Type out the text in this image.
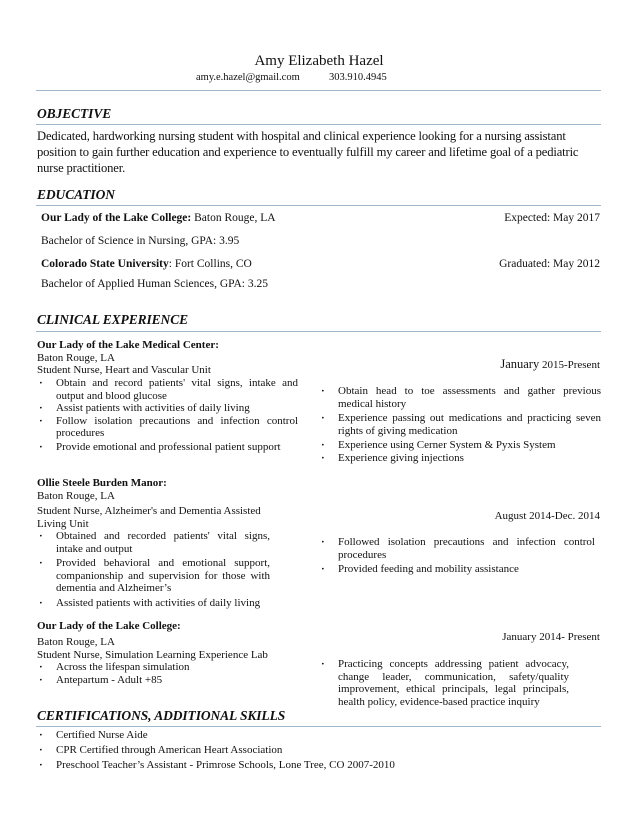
Amy Elizabeth Hazel
amy.e.hazel@gmail.com	303.910.4945
OBJECTIVE
Dedicated, hardworking nursing student with hospital and clinical experience looking for a nursing assistant position to gain further education and experience to eventually fulfill my career and lifetime goal of a pediatric nurse practitioner.
EDUCATION
Our Lady of the Lake College: Baton Rouge, LA	Expected: May 2017
Bachelor of Science in Nursing, GPA: 3.95
Colorado State University: Fort Collins, CO	Graduated: May 2012
Bachelor of Applied Human Sciences, GPA: 3.25
CLINICAL EXPERIENCE
Our Lady of the Lake Medical Center:
Baton Rouge, LA
Student Nurse, Heart and Vascular Unit	January 2015-Present
· Obtain and record patients' vital signs, intake and output and blood glucose
· Assist patients with activities of daily living
· Follow isolation precautions and infection control procedures
· Provide emotional and professional patient support
· Obtain head to toe assessments and gather previous medical history
· Experience passing out medications and practicing seven rights of giving medication
· Experience using Cerner System & Pyxis System
· Experience giving injections
Ollie Steele Burden Manor:
Baton Rouge, LA
Student Nurse, Alzheimer's and Dementia Assisted Living Unit
August 2014-Dec. 2014
· Obtained and recorded patients' vital signs, intake and output
· Provided behavioral and emotional support, companionship and supervision for those with dementia and Alzheimer’s
· Assisted patients with activities of daily living
· Followed isolation precautions and infection control procedures
· Provided feeding and mobility assistance
Our Lady of the Lake College:
Baton Rouge, LA
Student Nurse, Simulation Learning Experience Lab
January 2014- Present
· Across the lifespan simulation
· Antepartum - Adult +85
· Practicing concepts addressing patient advocacy, change leader, communication, safety/quality improvement, ethical principals, legal principals, health policy, evidence-based practice inquiry
CERTIFICATIONS, ADDITIONAL SKILLS
· Certified Nurse Aide
· CPR Certified through American Heart Association
· Preschool Teacher’s Assistant - Primrose Schools, Lone Tree, CO 2007-2010
